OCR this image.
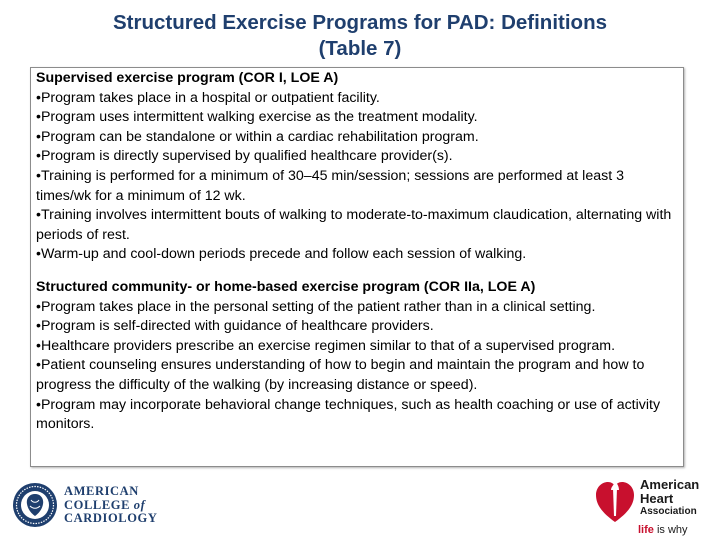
Structured Exercise Programs for PAD: Definitions
(Table 7)

Supervised exercise program (COR I, LOE A)

•Program takes place in a hospital or outpatient facility.
•Program uses intermittent walking exercise as the treatment modality.
•Program can be standalone or within a cardiac rehabilitation program.
•Program is directly supervised by qualified healthcare provider(s).
•Training is performed for a minimum of 30–45 min/session; sessions are performed at least 3 times/wk for a minimum of 12 wk.
•Training involves intermittent bouts of walking to moderate-to-maximum claudication, alternating with periods of rest.
•Warm-up and cool-down periods precede and follow each session of walking.

Structured community- or home-based exercise program (COR IIa, LOE A)

•Program takes place in the personal setting of the patient rather than in a clinical setting.
•Program is self-directed with guidance of healthcare providers.
•Healthcare providers prescribe an exercise regimen similar to that of a supervised program.
•Patient counseling ensures understanding of how to begin and maintain the program and how to progress the difficulty of the walking (by increasing distance or speed).
•Program may incorporate behavioral change techniques, such as health coaching or use of activity monitors.
AMERICAN
COLLEGE of
CARDIOLOGY
American
Heart
Association
life is why
